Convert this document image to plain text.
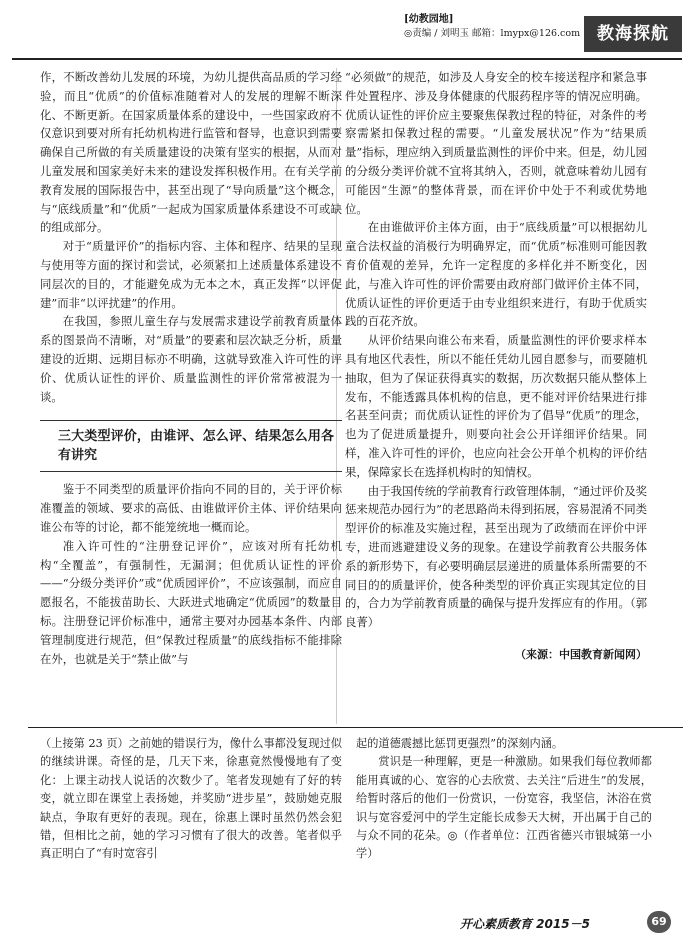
[幼教园地]
◎责编 / 刘明玉 邮箱：lmypx@126.com 教海探航

作，不断改善幼儿发展的环境，为幼儿提供高品质的学习经验，而且“优质”的价值标准随着对人的发展的理解不断深化、不断更新。在国家质量体系的建设中，一些国家政府不仅意识到要对所有托幼机构进行监管和督导，也意识到需要确保自己所做的有关质量建设的决策有坚实的根据，从而对儿童发展和国家美好未来的建设发挥积极作用。在有关学前教育发展的国际报告中，甚至出现了“导向质量”这个概念，与“底线质量”和“优质”一起成为国家质量体系建设不可或缺的组成部分。

对于“质量评价”的指标内容、主体和程序、结果的呈现与使用等方面的探讨和尝试，必须紧扣上述质量体系建设不同层次的目的，才能避免成为无本之木，真正发挥“以评促建”而非“以评扰建”的作用。

在我国，参照儿童生存与发展需求建设学前教育质量体系的图景尚不清晰，对“质量”的要素和层次缺乏分析，质量建设的近期、远期目标亦不明确，这就导致准入许可性的评价、优质认证性的评价、质量监测性的评价常常被混为一谈。

三大类型评价，由谁评、怎么评、结果怎么用各有讲究

鉴于不同类型的质量评价指向不同的目的，关于评价标准覆盖的领域、要求的高低、由谁做评价主体、评价结果向谁公布等的讨论，都不能笼统地一概而论。

准入许可性的“注册登记评价”，应该对所有托幼机构“全覆盖”，有强制性，无漏洞；但优质认证性的评价——“分级分类评价”或“优质园评价”，不应该强制，而应自愿报名，不能拔苗助长、大跃进式地确定“优质园”的数量目标。注册登记评价标准中，通常主要对办园基本条件、内部管理制度进行规范，但“保教过程质量”的底线指标不能排除在外，也就是关于“禁止做”与

“必须做”的规范，如涉及人身安全的校车接送程序和紧急事件处置程序、涉及身体健康的代服药程序等的情况应明确。优质认证性的评价应主要聚焦保教过程的特征，对条件的考察需紧扣保教过程的需要。“儿童发展状况”作为“结果质量”指标，理应纳入到质量监测性的评价中来。但是，幼儿园的分级分类评价就不宜将其纳入，否则，就意味着幼儿园有可能因“生源”的整体背景，而在评价中处于不利或优势地位。

在由谁做评价主体方面，由于“底线质量”可以根据幼儿童合法权益的消极行为明确界定，而“优质”标准则可能因教育价值观的差异，允许一定程度的多样化并不断变化，因此，与准入许可性的评价需要由政府部门做评价主体不同，优质认证性的评价更适于由专业组织来进行，有助于优质实践的百花齐放。

从评价结果向谁公布来看，质量监测性的评价要求样本具有地区代表性，所以不能任凭幼儿园自愿参与，而要随机抽取，但为了保证获得真实的数据，历次数据只能从整体上发布，不能透露具体机构的信息，更不能对评价结果进行排名甚至问责；而优质认证性的评价为了倡导“优质”的理念，也为了促进质量提升，则要向社会公开详细评价结果。同样，准入许可性的评价，也应向社会公开单个机构的评价结果，保障家长在选择机构时的知情权。

由于我国传统的学前教育行政管理体制，“通过评价及奖惩来规范办园行为”的老思路尚未得到拓展，容易混淆不同类型评价的标准及实施过程，甚至出现为了政绩而在评价中评专，进而逃避建设义务的现象。在建设学前教育公共服务体系的新形势下，有必要明确层层递进的质量体系所需要的不同目的的质量评价，使各种类型的评价真正实现其定位的目的，合力为学前教育质量的确保与提升发挥应有的作用。（郭良菁）

（来源：中国教育新闻网）

（上接第 23 页）之前她的错误行为，像什么事都没复现过似的继续讲课。奇怪的是，几天下来，徐惠竟然慢慢地有了变化：上课主动找人说话的次数少了。笔者发现她有了好的转变，就立即在课堂上表扬她，并奖励“进步星”，鼓励她克服缺点，争取有更好的表现。现在，徐惠上课时虽然仍然会犯错，但相比之前，她的学习习惯有了很大的改善。笔者似乎真正明白了“有时宽容引

起的道德震撼比惩罚更强烈”的深刻内涵。

赏识是一种理解，更是一种激励。如果我们每位教师都能用真诚的心、宽容的心去欣赏、去关注“后进生”的发展，给暂时落后的他们一份赏识，一份宽容，我坚信，沐浴在赏识与宽容爱河中的学生定能长成参天大树，开出属于自己的与众不同的花朵。◎（作者单位：江西省德兴市银城第一小学）

开心素质教育 2015－5	69
